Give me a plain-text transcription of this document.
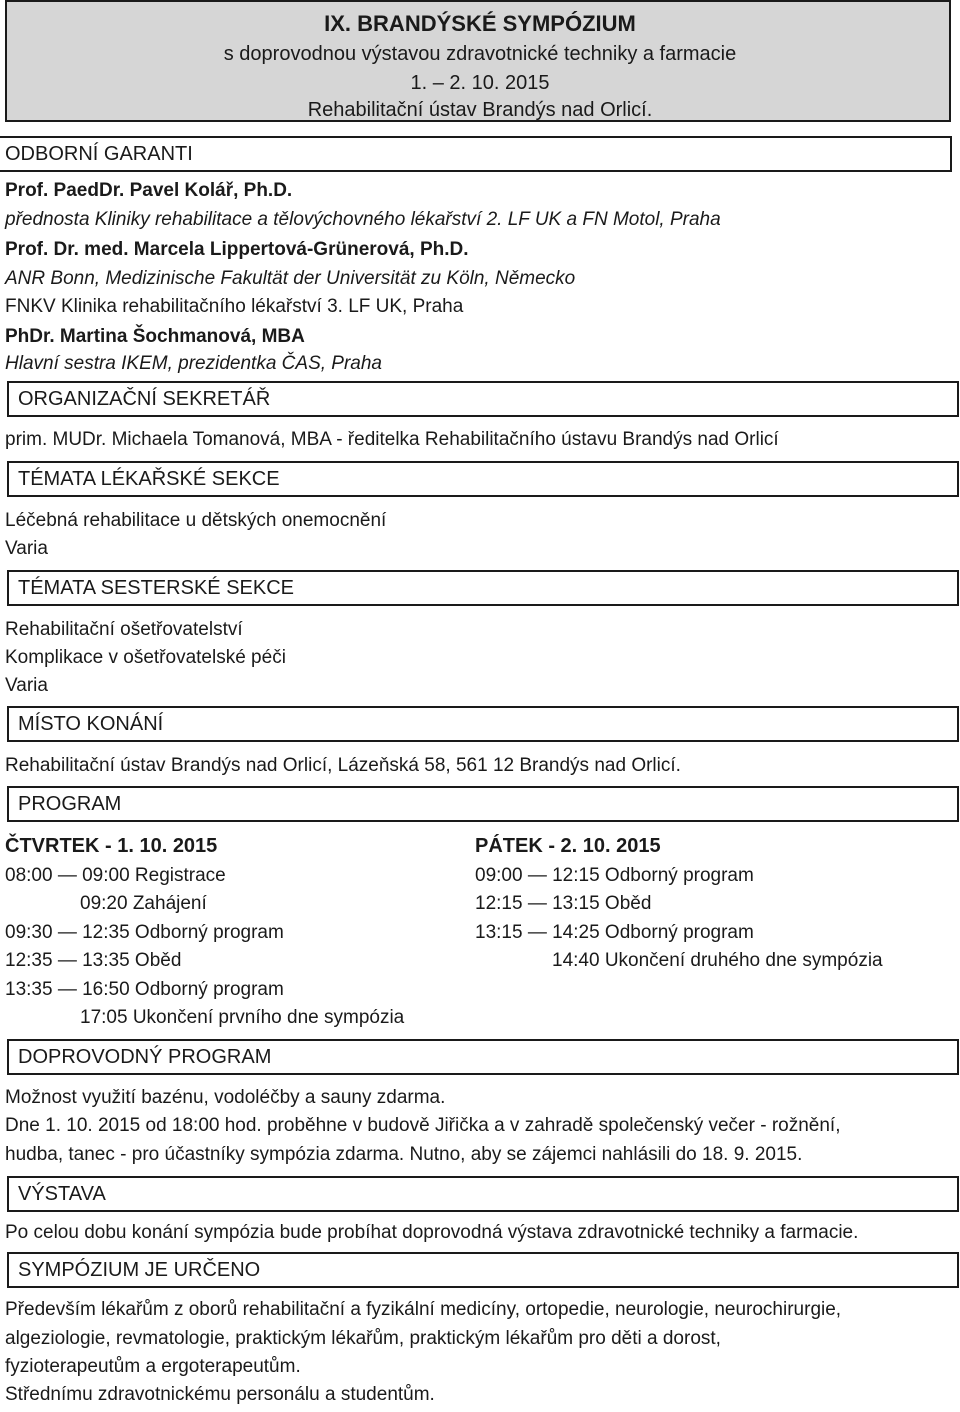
IX. BRANDÝSKÉ SYMPÓZIUM
s doprovodnou výstavou zdravotnické techniky a farmacie
1. – 2. 10. 2015
Rehabilitační ústav Brandýs nad Orlicí.
ODBORNÍ GARANTI
Prof. PaedDr. Pavel Kolář, Ph.D.
přednosta Kliniky rehabilitace a tělovýchovného lékařství 2. LF UK a FN Motol, Praha
Prof. Dr. med. Marcela Lippertová-Grünerová, Ph.D.
ANR Bonn, Medizinische Fakultät der Universität zu Köln, Německo
FNKV Klinika rehabilitačního lékařství 3. LF UK, Praha
PhDr. Martina Šochmanová, MBA
Hlavní sestra IKEM, prezidentka ČAS, Praha
ORGANIZAČNÍ SEKRETÁŘ
prim. MUDr. Michaela Tomanová, MBA - ředitelka Rehabilitačního ústavu Brandýs nad Orlicí
TÉMATA LÉKAŘSKÉ SEKCE
Léčebná rehabilitace u dětských onemocnění
Varia
TÉMATA SESTERSKÉ SEKCE
Rehabilitační ošetřovatelství
Komplikace v ošetřovatelské péči
Varia
MÍSTO KONÁNÍ
Rehabilitační ústav Brandýs nad Orlicí, Lázeňská 58, 561 12 Brandýs nad Orlicí.
PROGRAM
ČTVRTEK - 1. 10. 2015
08:00 — 09:00 Registrace
09:20 Zahájení
09:30 — 12:35 Odborný program
12:35 — 13:35 Oběd
13:35 — 16:50 Odborný program
17:05 Ukončení prvního dne sympózia
PÁTEK - 2. 10. 2015
09:00 — 12:15 Odborný program
12:15 — 13:15 Oběd
13:15 — 14:25 Odborný program
14:40 Ukončení druhého dne sympózia
DOPROVODNÝ PROGRAM
Možnost využití bazénu, vodoléčby a sauny zdarma.
Dne 1. 10. 2015 od 18:00 hod. proběhne v budově Jiřička a v zahradě společenský večer - rožnění,
hudba, tanec - pro účastníky sympózia zdarma. Nutno, aby se zájemci nahlásili do 18. 9. 2015.
VÝSTAVA
Po celou dobu konání sympózia bude probíhat doprovodná výstava zdravotnické techniky a farmacie.
SYMPÓZIUM JE URČENO
Především lékařům z oborů rehabilitační a fyzikální medicíny, ortopedie, neurologie, neurochirurgie,
algeziologie, revmatologie, praktickým lékařům, praktickým lékařům pro děti a dorost,
fyzioterapeutům a ergoterapeutům.
Střednímu zdravotnickému personálu a studentům.
